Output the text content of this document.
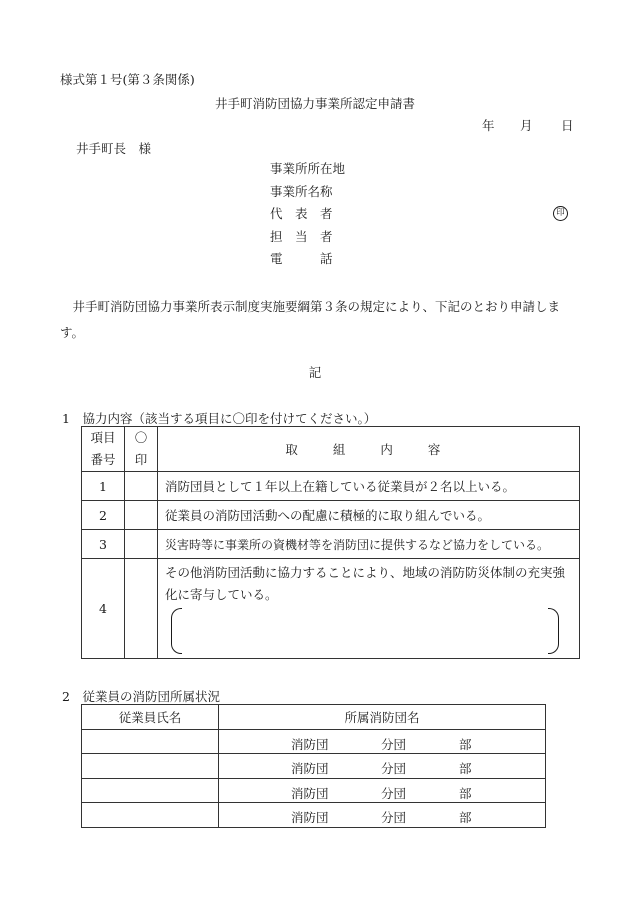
様式第１号(第３条関係)
井手町消防団協力事業所認定申請書
年 月 日
井手町長　様
事業所所在地
事業所名称
代　表　者	印
担　当　者
電　　　話
井手町消防団協力事業所表示制度実施要綱第３条の規定により、下記のとおり申請します。
記
1　協力内容（該当する項目に〇印を付けてください。）
項目番号	〇印	取　組　内　容
1		消防団員として１年以上在籍している従業員が２名以上いる。
2		従業員の消防団活動への配慮に積極的に取り組んでいる。
3		災害時等に事業所の資機材等を消防団に提供するなど協力をしている。
4		その他消防団活動に協力することにより、地域の消防防災体制の充実強化に寄与している。
2　従業員の消防団所属状況
従業員氏名	所属消防団名

	消防団 分団 部

	消防団 分団 部

	消防団 分団 部

	消防団 分団 部
